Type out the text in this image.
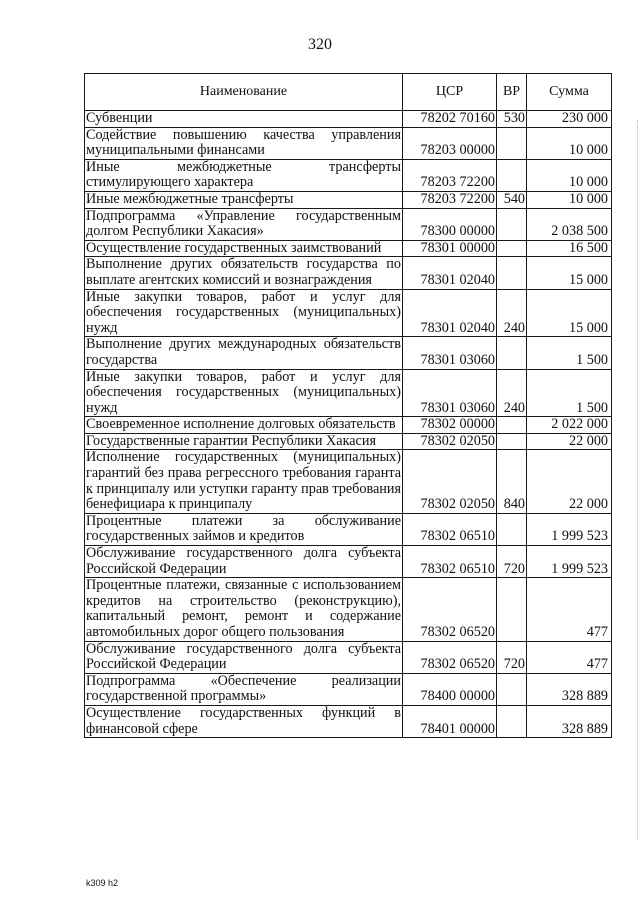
320
Наименование	ЦСР	ВР	Сумма
Субвенции	78202 70160	530	230 000
Содействие повышению качества управления муниципальными финансами	78203 00000		10 000
Иные межбюджетные трансферты стимулирующего характера	78203 72200		10 000
Иные межбюджетные трансферты	78203 72200	540	10 000
Подпрограмма «Управление государственным долгом Республики Хакасия»	78300 00000		2 038 500
Осуществление государственных заимствований	78301 00000		16 500
Выполнение других обязательств государства по выплате агентских комиссий и вознаграждения	78301 02040		15 000
Иные закупки товаров, работ и услуг для обеспечения государственных (муниципальных) нужд	78301 02040	240	15 000
Выполнение других международных обязательств государства	78301 03060		1 500
Иные закупки товаров, работ и услуг для обеспечения государственных (муниципальных) нужд	78301 03060	240	1 500
Своевременное исполнение долговых обязательств	78302 00000		2 022 000
Государственные гарантии Республики Хакасия	78302 02050		22 000
Исполнение государственных (муниципальных) гарантий без права регрессного требования гаранта к принципалу или уступки гаранту прав требования бенефициара к принципалу	78302 02050	840	22 000
Процентные платежи за обслуживание государственных займов и кредитов	78302 06510		1 999 523
Обслуживание государственного долга субъекта Российской Федерации	78302 06510	720	1 999 523
Процентные платежи, связанные с использованием кредитов на строительство (реконструкцию), капитальный ремонт, ремонт и содержание автомобильных дорог общего пользования	78302 06520		477
Обслуживание государственного долга субъекта Российской Федерации	78302 06520	720	477
Подпрограмма «Обеспечение реализации государственной программы»	78400 00000		328 889
Осуществление государственных функций в финансовой сфере	78401 00000		328 889
k309 h2
